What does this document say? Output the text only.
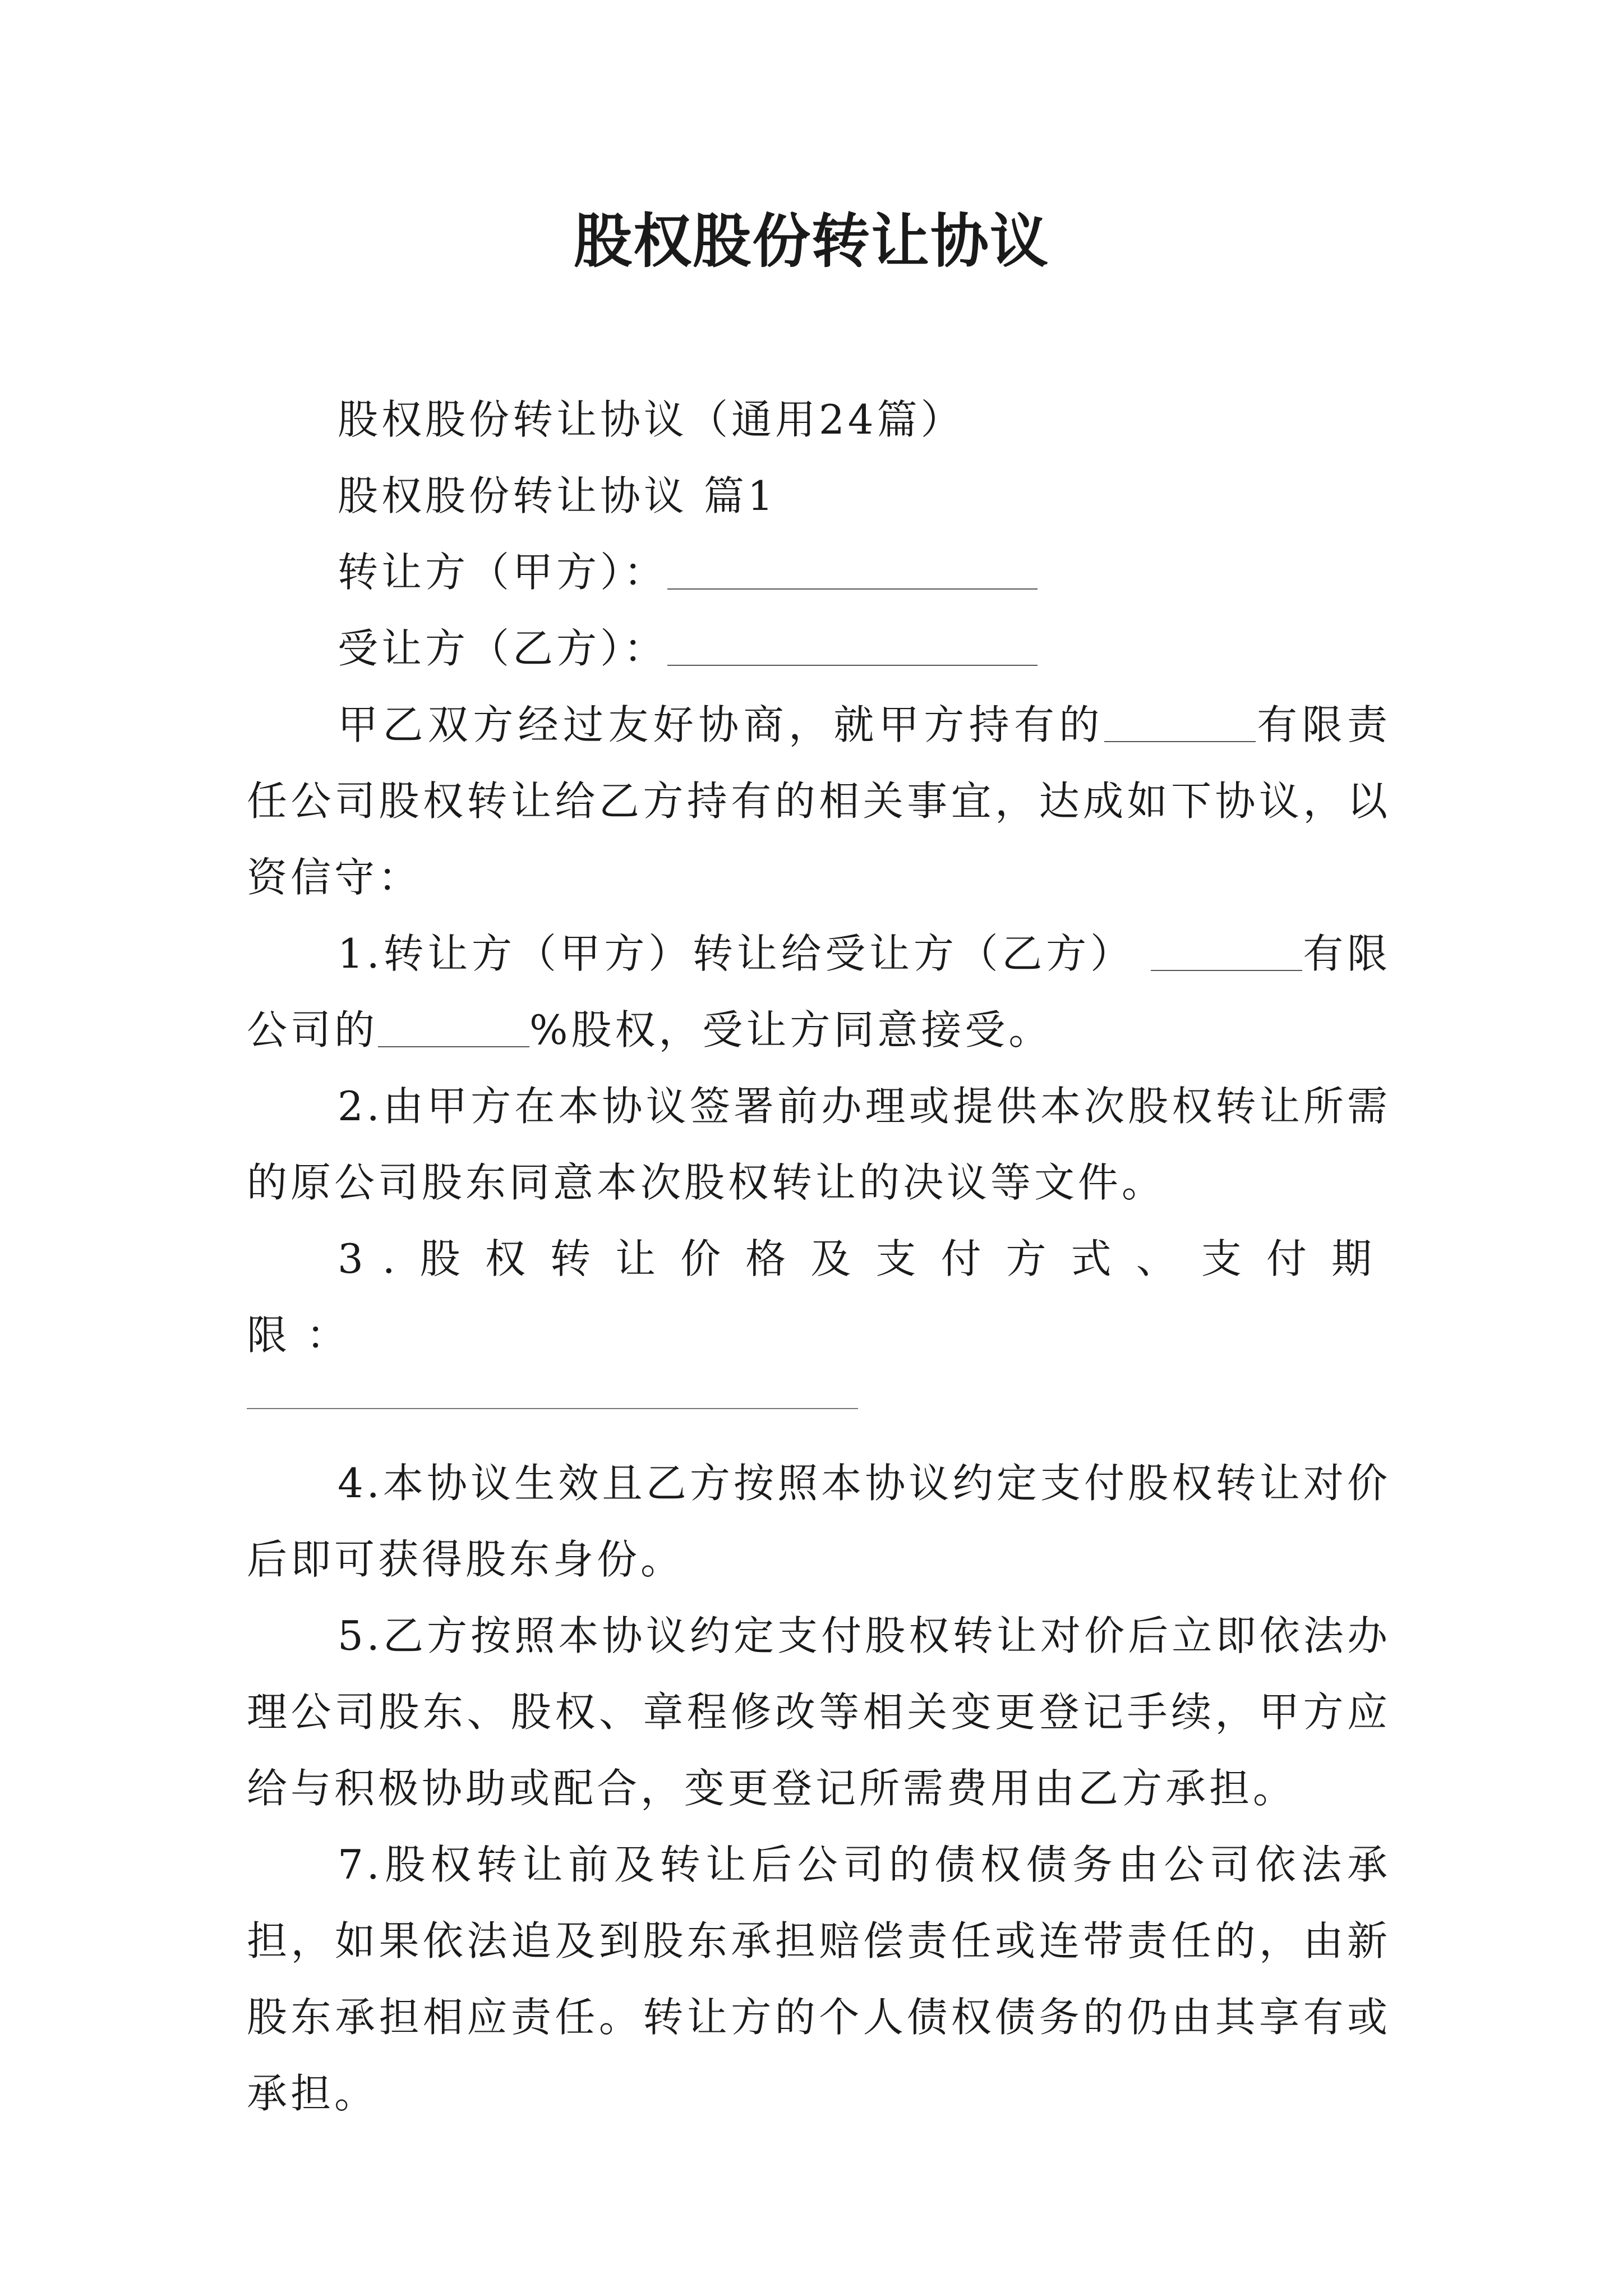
股权股份转让协议

股权股份转让协议（通用24篇）

股权股份转让协议 篇1

转让方（甲方）：

受让方（乙方）：

甲乙双方经过友好协商，就甲方持有的	有限责任公司股权转让给乙方持有的相关事宜，达成如下协议，以资信守：

1.转让方（甲方）转让给受让方（乙方）	有限公司的	%股权，受让方同意接受。

2.由甲方在本协议签署前办理或提供本次股权转让所需的原公司股东同意本次股权转让的决议等文件。

3.股权转让价格及支付方式、支付期限：

4.本协议生效且乙方按照本协议约定支付股权转让对价后即可获得股东身份。

5.乙方按照本协议约定支付股权转让对价后立即依法办理公司股东、股权、章程修改等相关变更登记手续，甲方应给与积极协助或配合，变更登记所需费用由乙方承担。

7.股权转让前及转让后公司的债权债务由公司依法承担，如果依法追及到股东承担赔偿责任或连带责任的，由新股东承担相应责任。转让方的个人债权债务的仍由其享有或承担。
